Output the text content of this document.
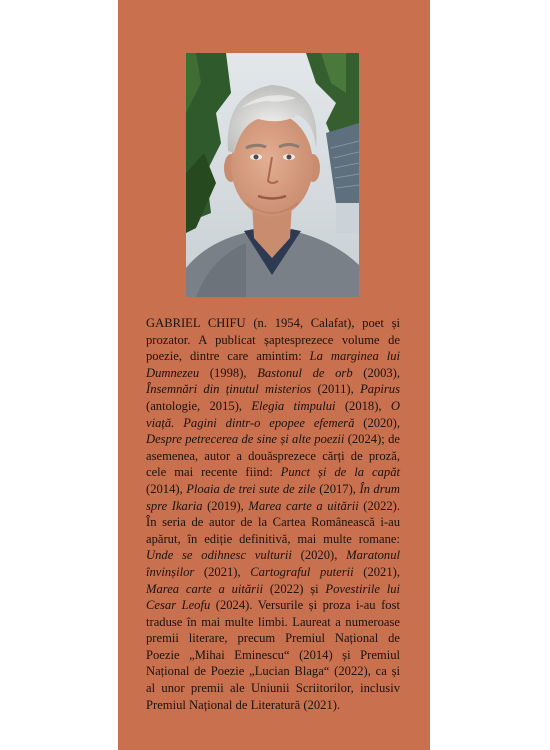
GABRIEL CHIFU (n. 1954, Calafat), poet și prozator. A publicat șaptesprezece volume de poezie, dintre care amintim: La marginea lui Dumnezeu (1998), Bastonul de orb (2003), Însemnări din ținutul misterios (2011), Papirus (antologie, 2015), Elegia timpului (2018), O viață. Pagini dintr-o epopee efemeră (2020), Despre petrecerea de sine și alte poezii (2024); de asemenea, autor a douăsprezece cărți de proză, cele mai recente fiind: Punct și de la capăt (2014), Ploaia de trei sute de zile (2017), În drum spre Ikaria (2019), Marea carte a uitării (2022). În seria de autor de la Cartea Românească i-au apărut, în ediție definitivă, mai multe romane: Unde se odihnesc vulturii (2020), Maratonul învinșilor (2021), Cartograful puterii (2021), Marea carte a uitării (2022) și Povestirile lui Cesar Leofu (2024). Versurile și proza i-au fost traduse în mai multe limbi. Laureat a numeroase premii literare, precum Premiul Național de Poezie „Mihai Eminescu“ (2014) și Premiul Național de Poezie „Lucian Blaga“ (2022), ca și al unor premii ale Uniunii Scriitorilor, inclusiv Premiul Național de Literatură (2021).
